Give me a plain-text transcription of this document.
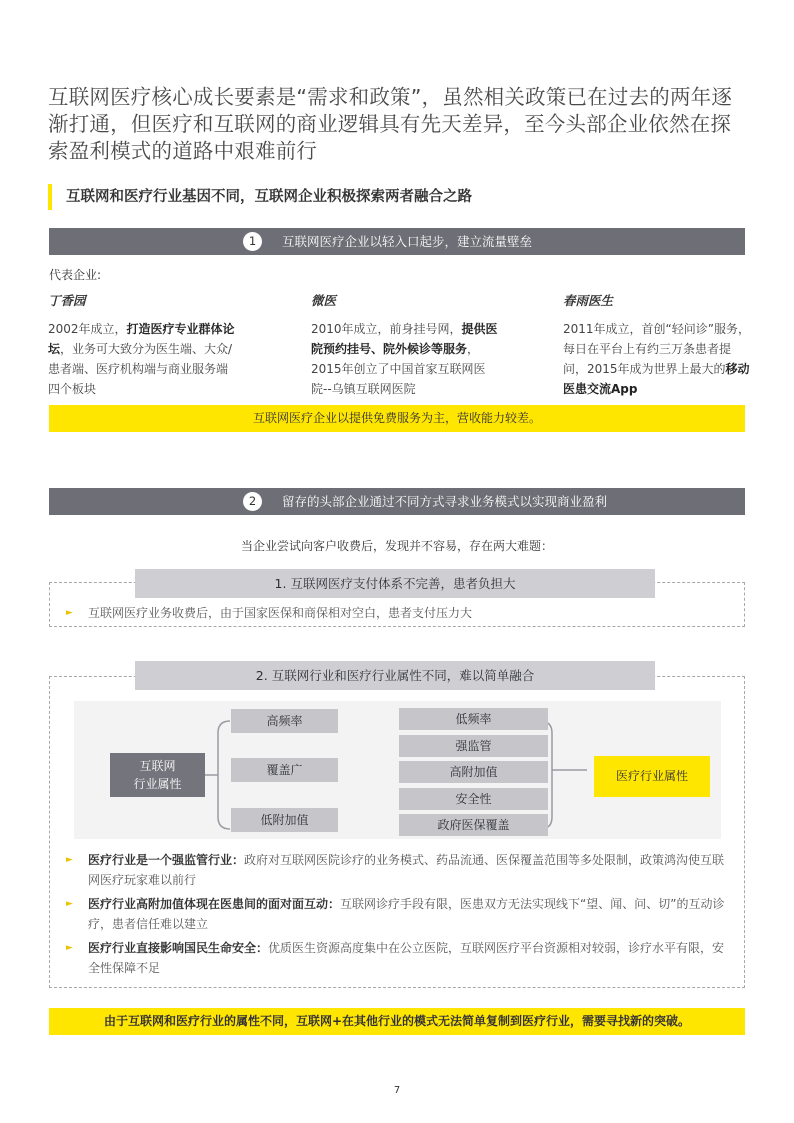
互联网医疗核心成长要素是“需求和政策”，虽然相关政策已在过去的两年逐渐打通，但医疗和互联网的商业逻辑具有先天差异，至今头部企业依然在探索盈利模式的道路中艰难前行
互联网和医疗行业基因不同，互联网企业积极探索两者融合之路
1	互联网医疗企业以轻入口起步，建立流量壁垒
代表企业:
丁香园
2002年成立，打造医疗专业群体论坛，业务可大致分为医生端、大众/患者端、医疗机构端与商业服务端四个板块
微医
2010年成立，前身挂号网，提供医院预约挂号、院外候诊等服务，2015年创立了中国首家互联网医院--乌镇互联网医院
春雨医生
2011年成立，首创“轻问诊”服务，每日在平台上有约三万条患者提问，2015年成为世界上最大的移动医患交流App
互联网医疗企业以提供免费服务为主，营收能力较差。
2	留存的头部企业通过不同方式寻求业务模式以实现商业盈利
当企业尝试向客户收费后，发现并不容易，存在两大难题：
1. 互联网医疗支付体系不完善，患者负担大
► 互联网医疗业务收费后，由于国家医保和商保相对空白，患者支付压力大
2. 互联网行业和医疗行业属性不同，难以简单融合
互联网
行业属性
高频率
覆盖广
低附加值
低频率
强监管
高附加值
安全性
政府医保覆盖
医疗行业属性
► 医疗行业是一个强监管行业：政府对互联网医院诊疗的业务模式、药品流通、医保覆盖范围等多处限制，政策鸿沟使互联网医疗玩家难以前行
► 医疗行业高附加值体现在医患间的面对面互动：互联网诊疗手段有限，医患双方无法实现线下“望、闻、问、切”的互动诊疗，患者信任难以建立
► 医疗行业直接影响国民生命安全：优质医生资源高度集中在公立医院，互联网医疗平台资源相对较弱，诊疗水平有限，安全性保障不足
由于互联网和医疗行业的属性不同，互联网+在其他行业的模式无法简单复制到医疗行业，需要寻找新的突破。
7
